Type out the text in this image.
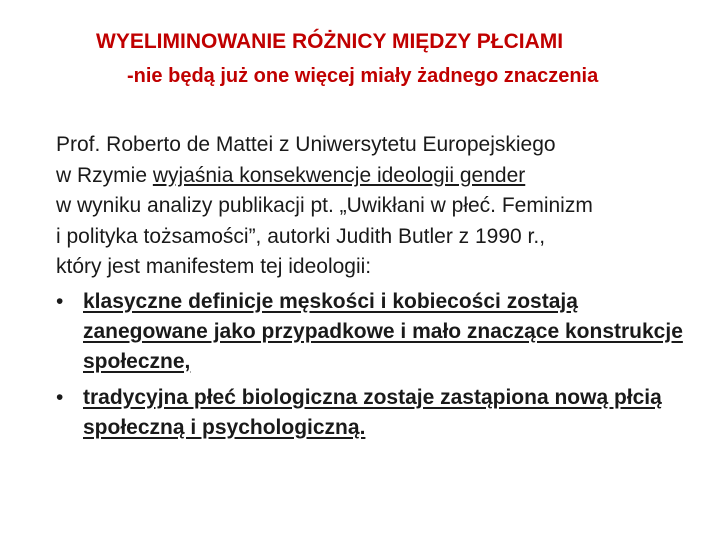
WYELIMINOWANIE RÓŻNICY MIĘDZY PŁCIAMI
-nie będą już one więcej miały żadnego znaczenia

Prof. Roberto de Mattei z Uniwersytetu Europejskiego

w Rzymie wyjaśnia konsekwencje ideologii gender

w wyniku analizy publikacji pt. „Uwikłani w płeć. Feminizm

i polityka tożsamości”, autorki Judith Butler z 1990 r.,

który jest manifestem tej ideologii:

• klasyczne definicje męskości i kobiecości zostają zanegowane jako przypadkowe i mało znaczące konstrukcje społeczne,
• tradycyjna płeć biologiczna zostaje zastąpiona nową płcią społeczną i psychologiczną.
